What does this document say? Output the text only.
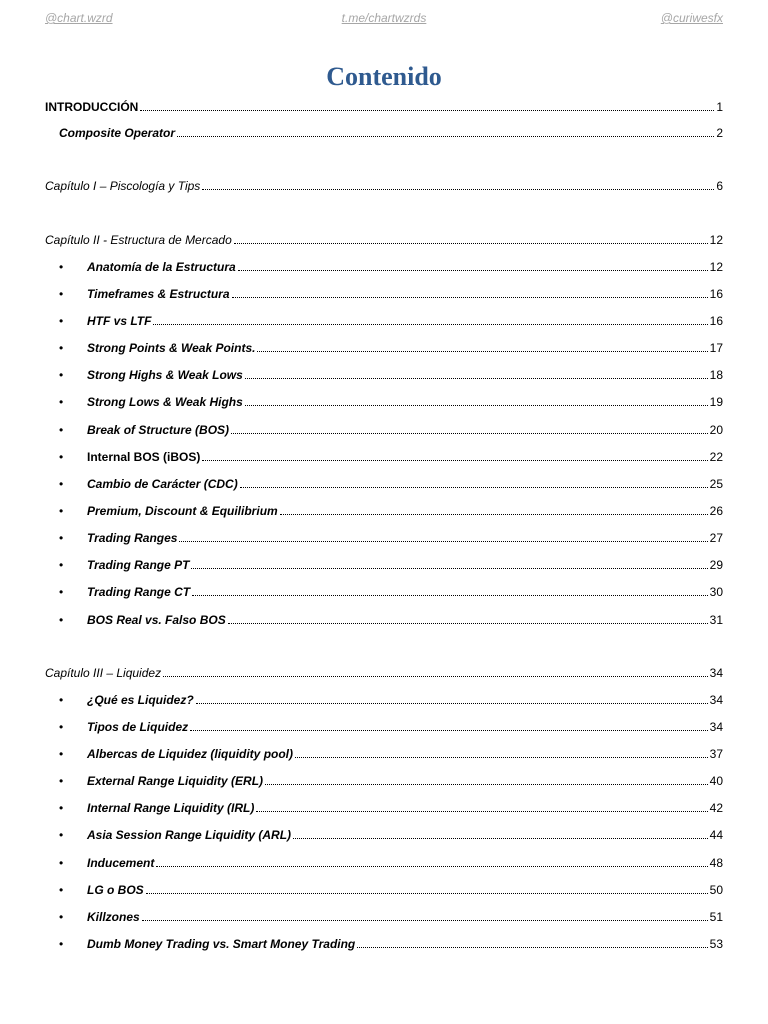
@chart.wzrd	t.me/chartwzrds	@curiwesfx
Contenido
INTRODUCCIÓN	1
Composite Operator	2
Capítulo I – Piscología y Tips	6
Capítulo II - Estructura de Mercado	12
•	Anatomía de la Estructura	12
•	Timeframes & Estructura	16
•	HTF vs LTF	16
•	Strong Points & Weak Points.	17
•	Strong Highs & Weak Lows	18
•	Strong Lows & Weak Highs	19
•	Break of Structure (BOS)	20
•	Internal BOS (iBOS)	22
•	Cambio de Carácter (CDC)	25
•	Premium, Discount & Equilibrium	26
•	Trading Ranges	27
•	Trading Range PT	29
•	Trading Range CT	30
•	BOS Real vs. Falso BOS	31
Capítulo III – Liquidez	34
•	¿Qué es Liquidez?	34
•	Tipos de Liquidez	34
•	Albercas de Liquidez (liquidity pool)	37
•	External Range Liquidity (ERL)	40
•	Internal Range Liquidity (IRL)	42
•	Asia Session Range Liquidity (ARL)	44
•	Inducement	48
•	LG o BOS	50
•	Killzones	51
•	Dumb Money Trading vs. Smart Money Trading	53
